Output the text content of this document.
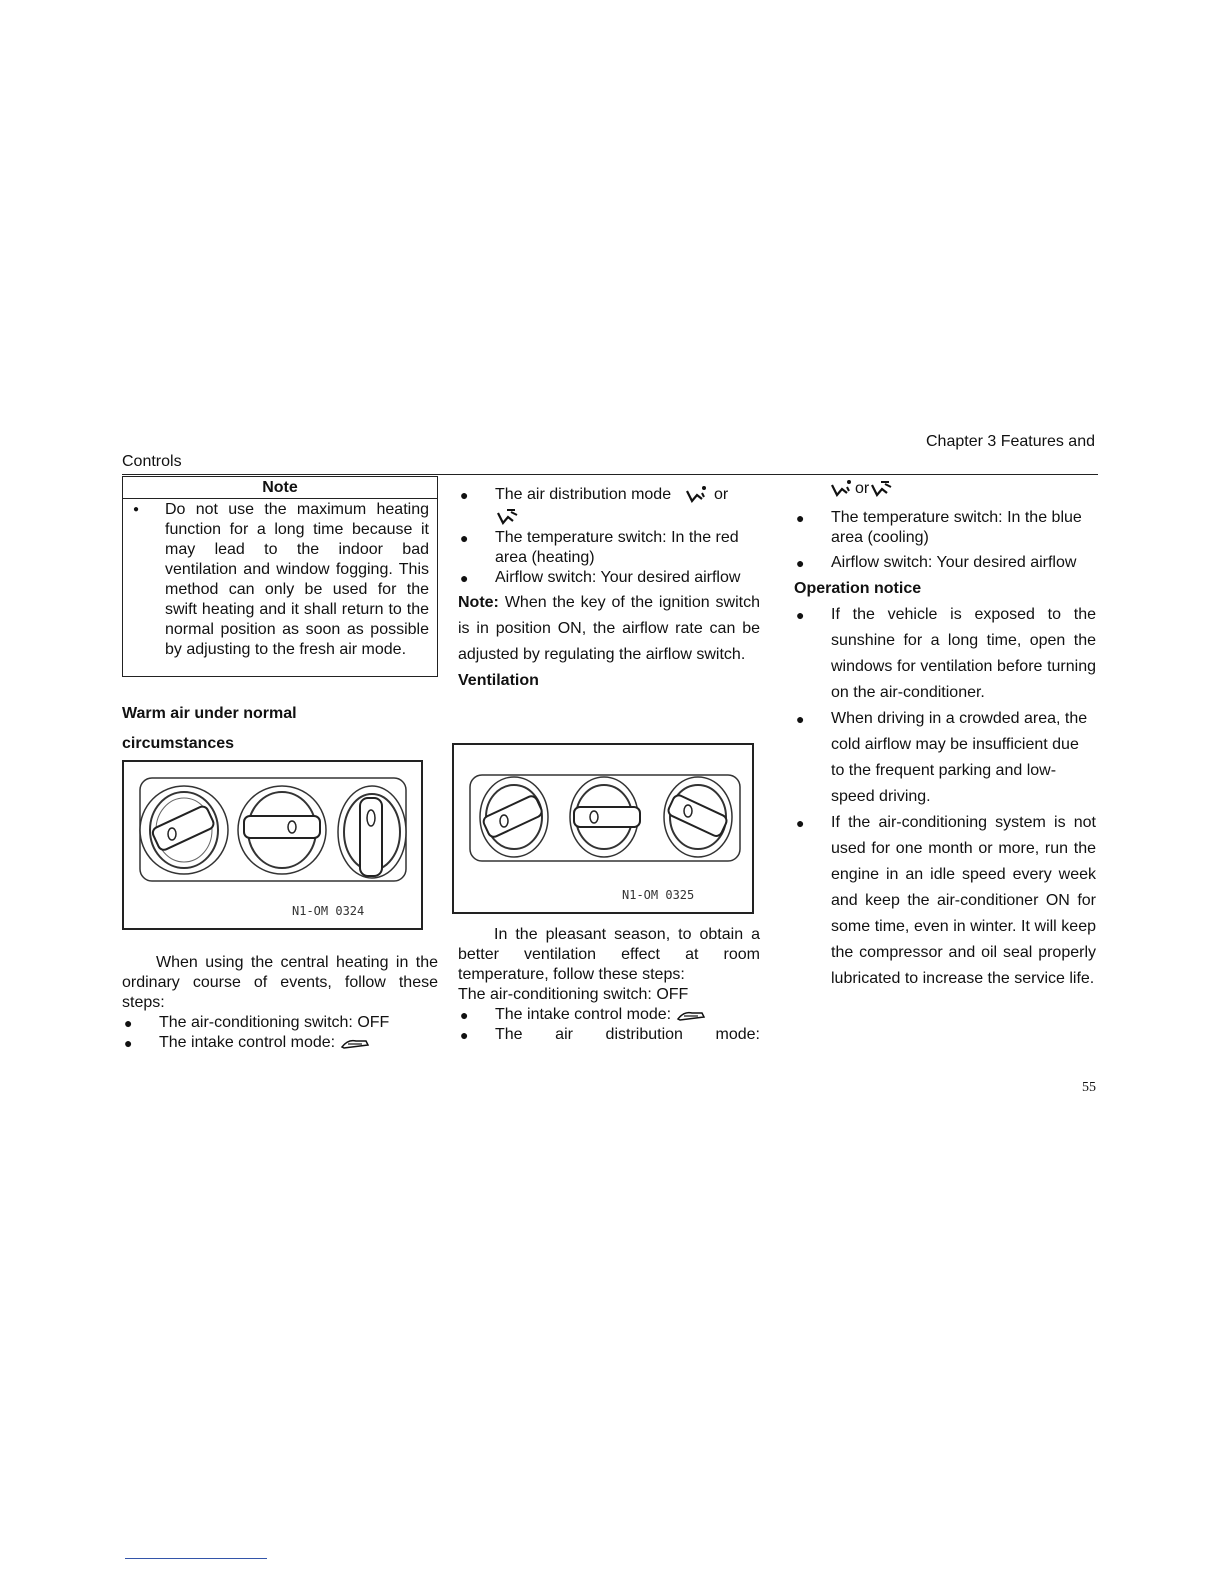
Chapter 3 Features and
Controls
Note
●	Do not use the maximum heating function for a long time because it may lead to the indoor bad ventilation and window fogging. This method can only be used for the swift heating and it shall return to the normal position as soon as possible by adjusting to the fresh air mode.
Warm air under normal
circumstances
N1-OM 0324
When using the central heating in the ordinary course of events, follow these steps:
●	The air-conditioning switch: OFF
●	The intake control mode:
●	The air distribution mode	or

●	The temperature switch: In the red area (heating)
●	Airflow switch: Your desired airflow
Note: When the key of the ignition switch is in position ON, the airflow rate can be adjusted by regulating the airflow switch.
Ventilation
N1-OM 0325
In the pleasant season, to obtain a better ventilation effect at room temperature, follow these steps:
The air-conditioning switch: OFF
●	The intake control mode:
●	The air distribution mode:
or
●	The temperature switch: In the blue area (cooling)
●	Airflow switch: Your desired airflow
Operation notice
●	If the vehicle is exposed to the sunshine for a long time, open the windows for ventilation before turning on the air-conditioner.
●	When driving in a crowded area, the cold airflow may be insufficient due to the frequent parking and low-speed driving.
●	If the air-conditioning system is not used for one month or more, run the engine in an idle speed every week and keep the air-conditioner ON for some time, even in winter. It will keep the compressor and oil seal properly lubricated to increase the service life.
55
